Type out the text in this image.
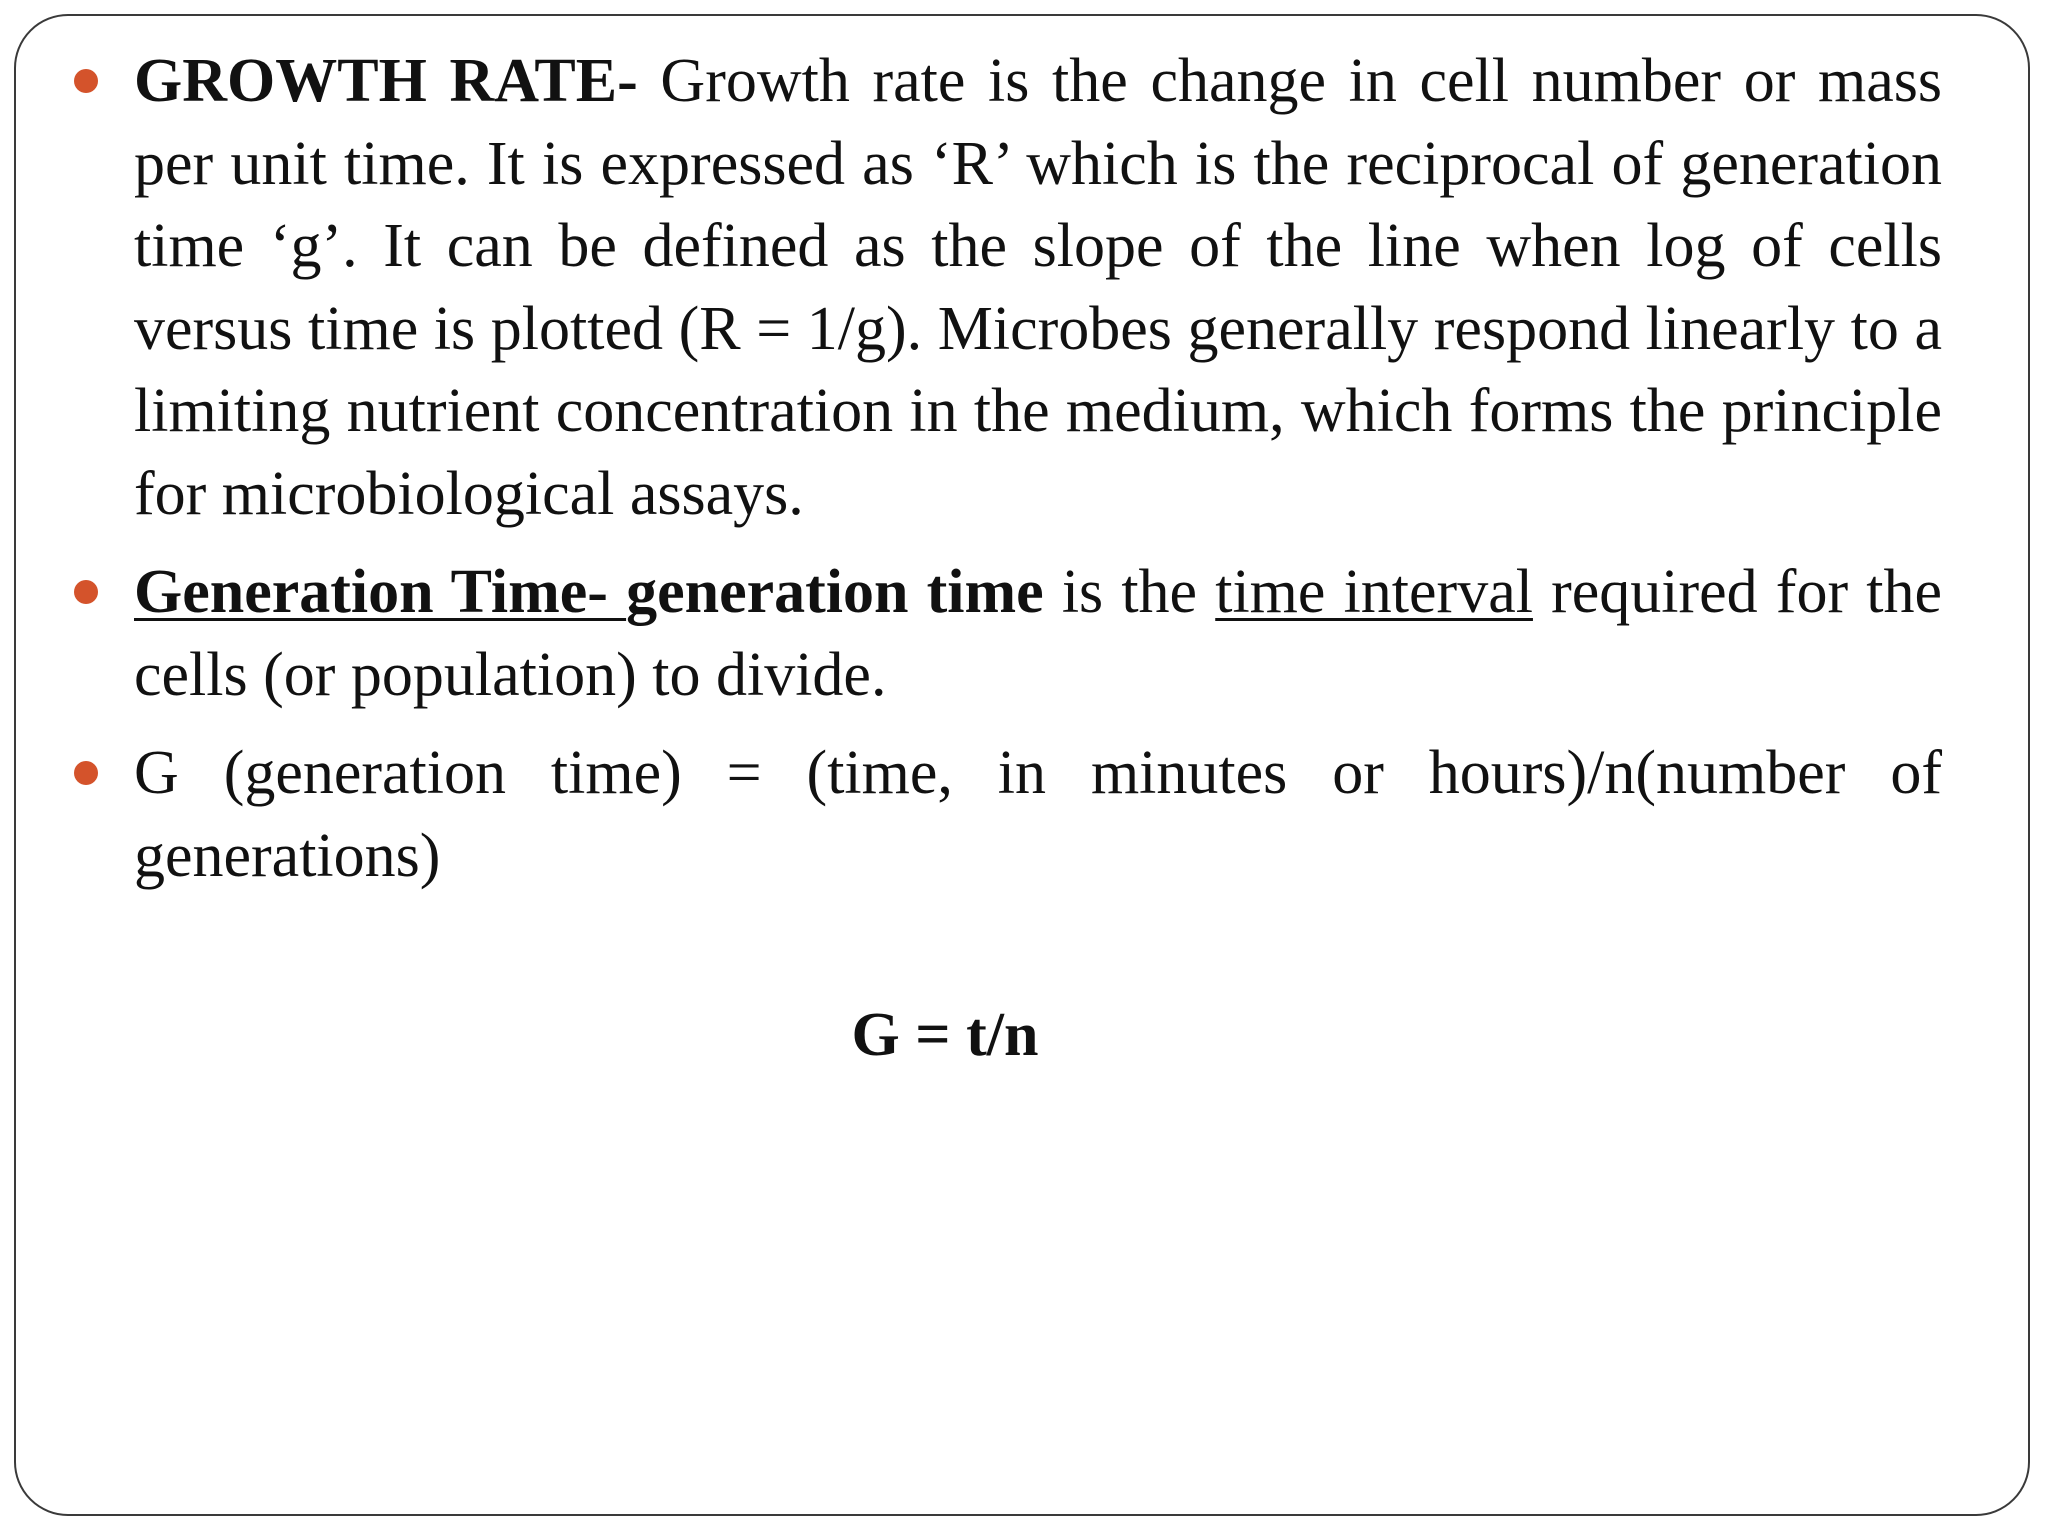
GROWTH RATE- Growth rate is the change in cell number or mass per unit time. It is expressed as ‘R’ which is the reciprocal of generation time ‘g’. It can be defined as the slope of the line when log of cells versus time is plotted (R = 1/g). Microbes generally respond linearly to a limiting nutrient concentration in the medium, which forms the principle for microbiological assays.
Generation Time- generation time is the time interval required for the cells (or population) to divide.
G (generation time) = (time, in minutes or hours)/n(number of generations)
G = t/n
